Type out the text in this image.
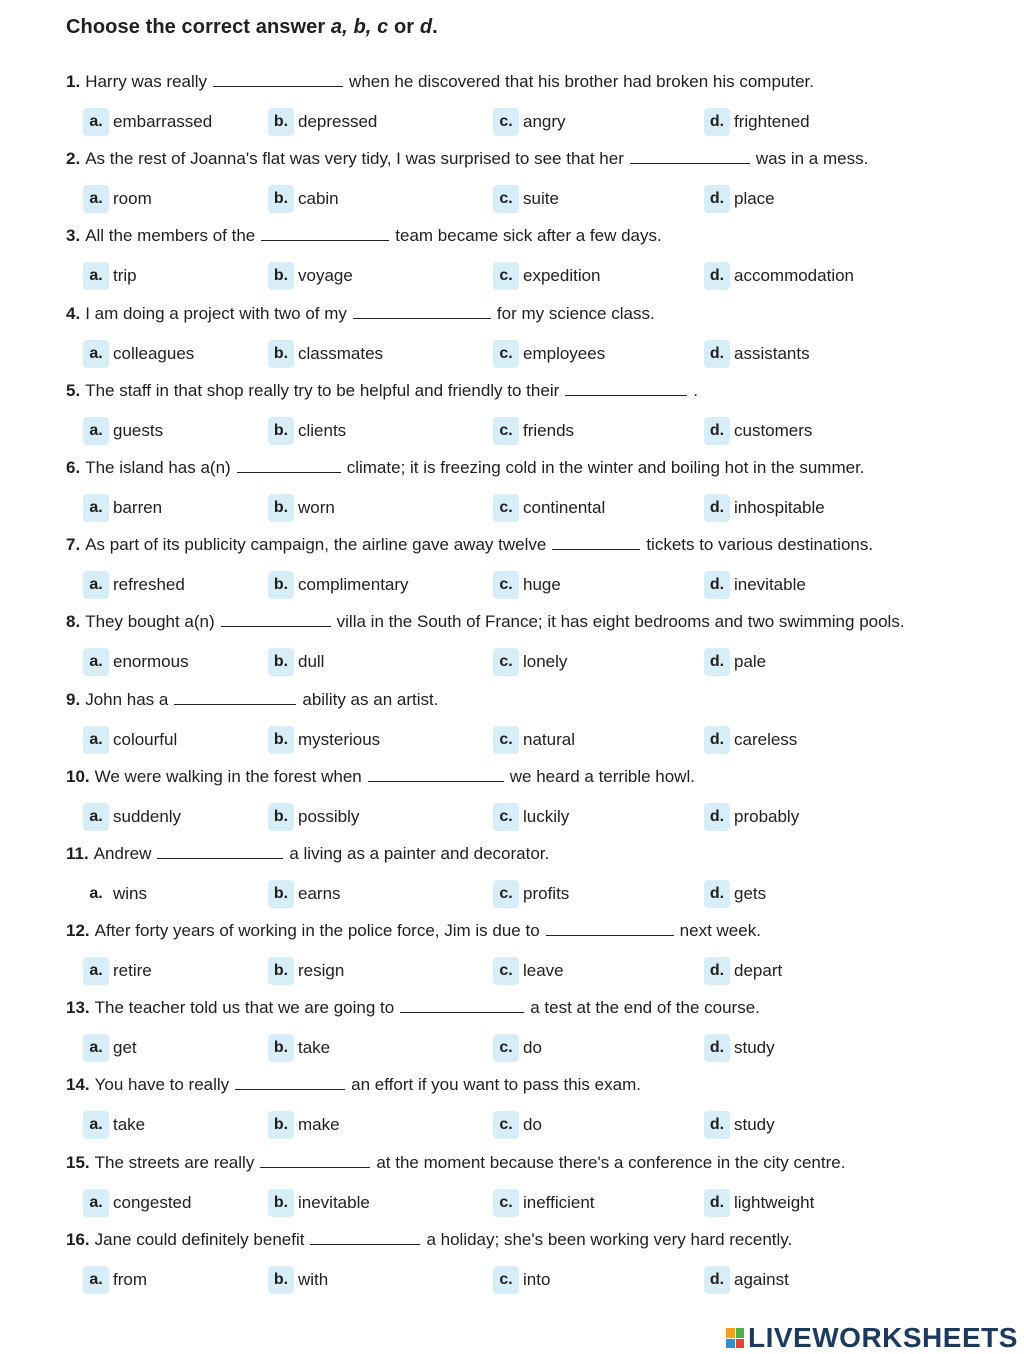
Choose the correct answer a, b, c or d.
1. Harry was really	when he discovered that his brother had broken his computer.
a. embarrassed	b. depressed	c. angry	d. frightened
2. As the rest of Joanna's flat was very tidy, I was surprised to see that her	was in a mess.
a. room	b. cabin	c. suite	d. place
3. All the members of the	team became sick after a few days.
a. trip	b. voyage	c. expedition	d. accommodation
4. I am doing a project with two of my	for my science class.
a. colleagues	b. classmates	c. employees	d. assistants
5. The staff in that shop really try to be helpful and friendly to their	.
a. guests	b. clients	c. friends	d. customers
6. The island has a(n)	climate; it is freezing cold in the winter and boiling hot in the summer.
a. barren	b. worn	c. continental	d. inhospitable
7. As part of its publicity campaign, the airline gave away twelve	tickets to various destinations.
a. refreshed	b. complimentary	c. huge	d. inevitable
8. They bought a(n)	villa in the South of France; it has eight bedrooms and two swimming pools.
a. enormous	b. dull	c. lonely	d. pale
9. John has a	ability as an artist.
a. colourful	b. mysterious	c. natural	d. careless
10. We were walking in the forest when	we heard a terrible howl.
a. suddenly	b. possibly	c. luckily	d. probably
11. Andrew	a living as a painter and decorator.
a. wins	b. earns	c. profits	d. gets
12. After forty years of working in the police force, Jim is due to	next week.
a. retire	b. resign	c. leave	d. depart
13. The teacher told us that we are going to	a test at the end of the course.
a. get	b. take	c. do	d. study
14. You have to really	an effort if you want to pass this exam.
a. take	b. make	c. do	d. study
15. The streets are really	at the moment because there's a conference in the city centre.
a. congested	b. inevitable	c. inefficient	d. lightweight
16. Jane could definitely benefit	a holiday; she's been working very hard recently.
a. from	b. with	c. into	d. against
LIVEWORKSHEETS
